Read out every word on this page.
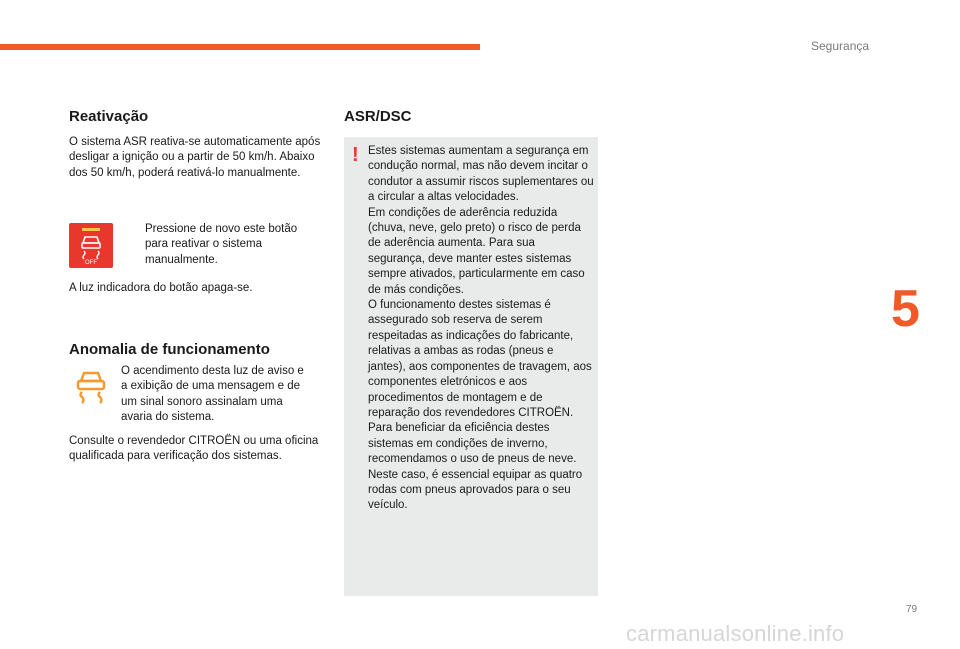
Segurança
Reativação

O sistema ASR reativa-se automaticamente após desligar a ignição ou a partir de 50 km/h. Abaixo dos 50 km/h, poderá reativá-lo manualmente.

OFF
Pressione de novo este botão para reativar o sistema manualmente.

A luz indicadora do botão apaga-se.

Anomalia de funcionamento

O acendimento desta luz de aviso e a exibição de uma mensagem e de um sinal sonoro assinalam uma avaria do sistema.

Consulte o revendedor CITROËN ou uma oficina qualificada para verificação dos sistemas.

ASR/DSC
! Estes sistemas aumentam a segurança em condução normal, mas não devem incitar o condutor a assumir riscos suplementares ou a circular a altas velocidades.
Em condições de aderência reduzida (chuva, neve, gelo preto) o risco de perda de aderência aumenta. Para sua segurança, deve manter estes sistemas sempre ativados, particularmente em caso de más condições.
O funcionamento destes sistemas é assegurado sob reserva de serem respeitadas as indicações do fabricante, relativas a ambas as rodas (pneus e jantes), aos componentes de travagem, aos componentes eletrónicos e aos procedimentos de montagem e de reparação dos revendedores CITROËN.
Para beneficiar da eficiência destes sistemas em condições de inverno, recomendamos o uso de pneus de neve. Neste caso, é essencial equipar as quatro rodas com pneus aprovados para o seu veículo.
5
79
carmanualsonline.info
